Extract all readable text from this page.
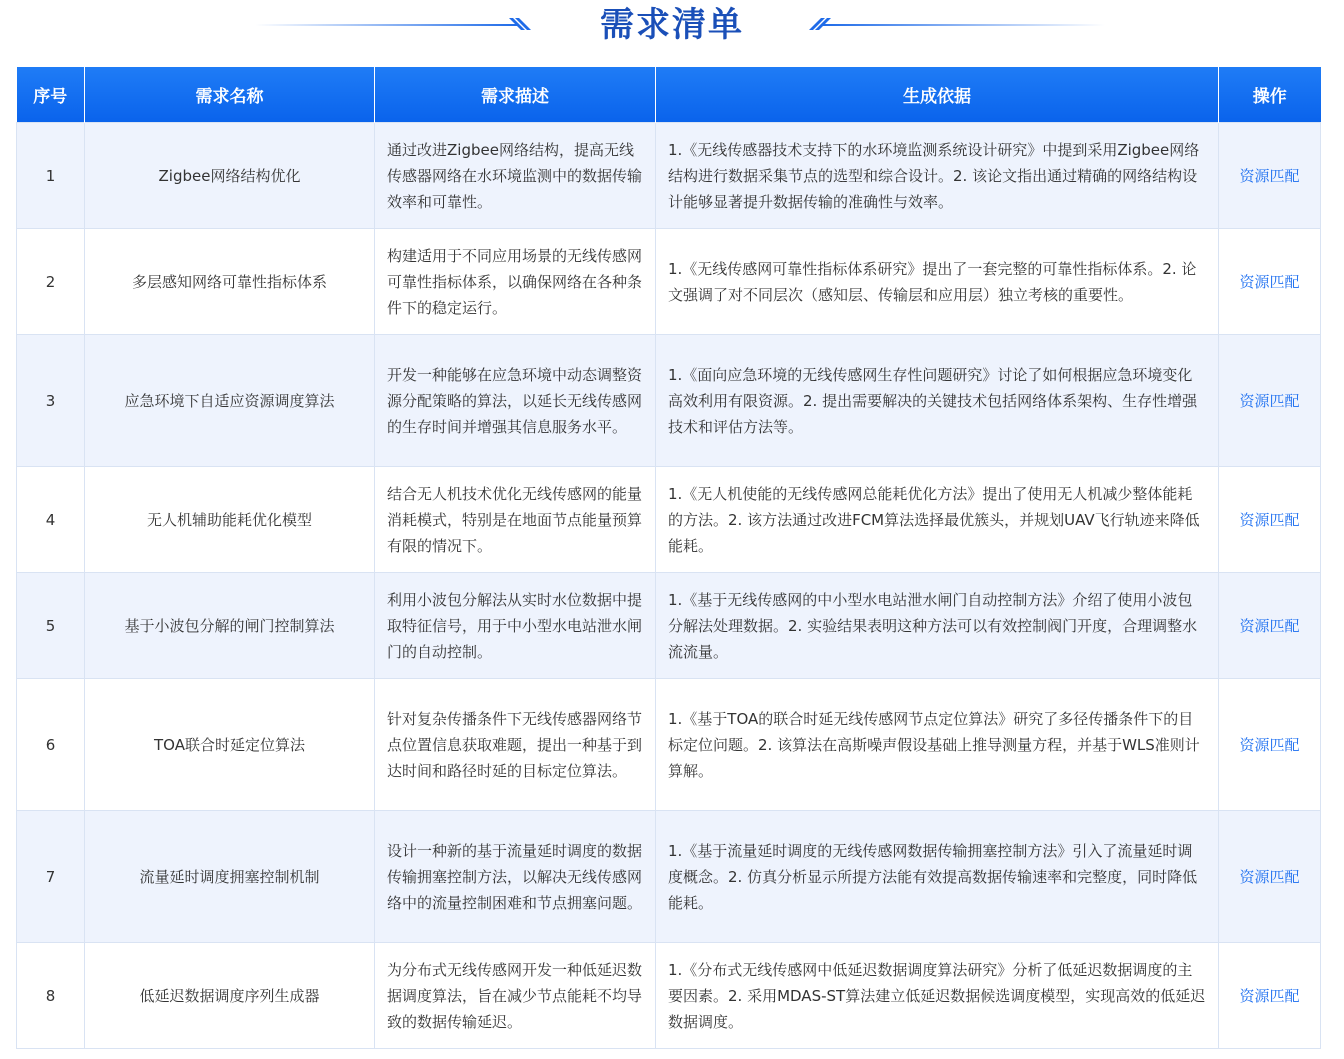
需求清单
序号	需求名称	需求描述	生成依据	操作
1	Zigbee网络结构优化	通过改进Zigbee网络结构，提高无线传感器网络在水环境监测中的数据传输效率和可靠性。	1.《无线传感器技术支持下的水环境监测系统设计研究》中提到采用Zigbee网络结构进行数据采集节点的选型和综合设计。2. 该论文指出通过精确的网络结构设计能够显著提升数据传输的准确性与效率。	资源匹配
2	多层感知网络可靠性指标体系	构建适用于不同应用场景的无线传感网可靠性指标体系，以确保网络在各种条件下的稳定运行。	1.《无线传感网可靠性指标体系研究》提出了一套完整的可靠性指标体系。2. 论文强调了对不同层次（感知层、传输层和应用层）独立考核的重要性。	资源匹配
3	应急环境下自适应资源调度算法	开发一种能够在应急环境中动态调整资源分配策略的算法，以延长无线传感网的生存时间并增强其信息服务水平。	1.《面向应急环境的无线传感网生存性问题研究》讨论了如何根据应急环境变化高效利用有限资源。2. 提出需要解决的关键技术包括网络体系架构、生存性增强技术和评估方法等。	资源匹配
4	无人机辅助能耗优化模型	结合无人机技术优化无线传感网的能量消耗模式，特别是在地面节点能量预算有限的情况下。	1.《无人机使能的无线传感网总能耗优化方法》提出了使用无人机减少整体能耗的方法。2. 该方法通过改进FCM算法选择最优簇头，并规划UAV飞行轨迹来降低能耗。	资源匹配
5	基于小波包分解的闸门控制算法	利用小波包分解法从实时水位数据中提取特征信号，用于中小型水电站泄水闸门的自动控制。	1.《基于无线传感网的中小型水电站泄水闸门自动控制方法》介绍了使用小波包分解法处理数据。2. 实验结果表明这种方法可以有效控制阀门开度，合理调整水流流量。	资源匹配
6	TOA联合时延定位算法	针对复杂传播条件下无线传感器网络节点位置信息获取难题，提出一种基于到达时间和路径时延的目标定位算法。	1.《基于TOA的联合时延无线传感网节点定位算法》研究了多径传播条件下的目标定位问题。2. 该算法在高斯噪声假设基础上推导测量方程，并基于WLS准则计算解。	资源匹配
7	流量延时调度拥塞控制机制	设计一种新的基于流量延时调度的数据传输拥塞控制方法，以解决无线传感网络中的流量控制困难和节点拥塞问题。	1.《基于流量延时调度的无线传感网数据传输拥塞控制方法》引入了流量延时调度概念。2. 仿真分析显示所提方法能有效提高数据传输速率和完整度，同时降低能耗。	资源匹配
8	低延迟数据调度序列生成器	为分布式无线传感网开发一种低延迟数据调度算法，旨在减少节点能耗不均导致的数据传输延迟。	1.《分布式无线传感网中低延迟数据调度算法研究》分析了低延迟数据调度的主要因素。2. 采用MDAS-ST算法建立低延迟数据候选调度模型，实现高效的低延迟数据调度。	资源匹配
